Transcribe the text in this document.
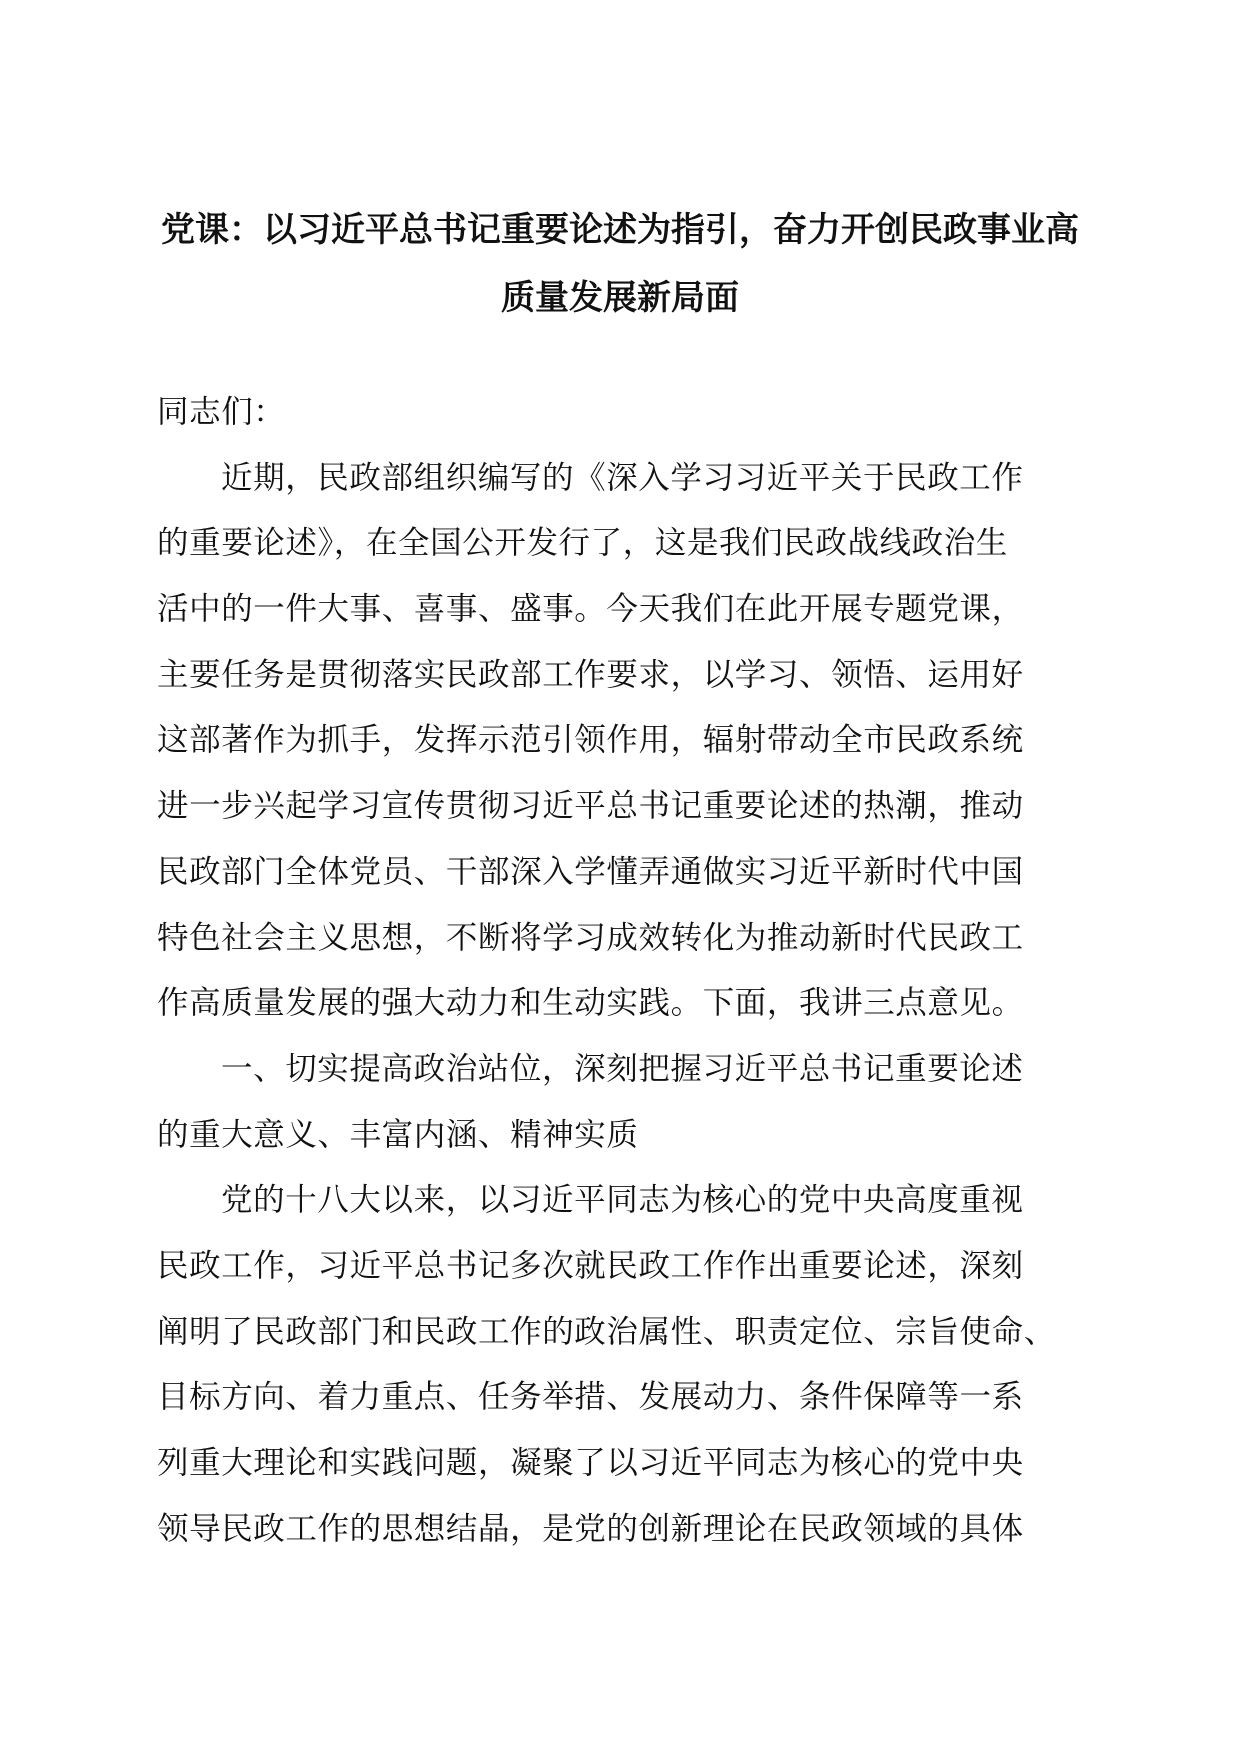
党课：以习近平总书记重要论述为指引，奋力开创民政事业高
质量发展新局面
同志们：
近期，民政部组织编写的《深入学习习近平关于民政工作
的重要论述》，在全国公开发行了，这是我们民政战线政治生
活中的一件大事、喜事、盛事。今天我们在此开展专题党课，
主要任务是贯彻落实民政部工作要求，以学习、领悟、运用好
这部著作为抓手，发挥示范引领作用，辐射带动全市民政系统
进一步兴起学习宣传贯彻习近平总书记重要论述的热潮，推动
民政部门全体党员、干部深入学懂弄通做实习近平新时代中国
特色社会主义思想，不断将学习成效转化为推动新时代民政工
作高质量发展的强大动力和生动实践。下面，我讲三点意见。
一、切实提高政治站位，深刻把握习近平总书记重要论述
的重大意义、丰富内涵、精神实质
党的十八大以来，以习近平同志为核心的党中央高度重视
民政工作，习近平总书记多次就民政工作作出重要论述，深刻
阐明了民政部门和民政工作的政治属性、职责定位、宗旨使命、
目标方向、着力重点、任务举措、发展动力、条件保障等一系
列重大理论和实践问题，凝聚了以习近平同志为核心的党中央
领导民政工作的思想结晶，是党的创新理论在民政领域的具体
